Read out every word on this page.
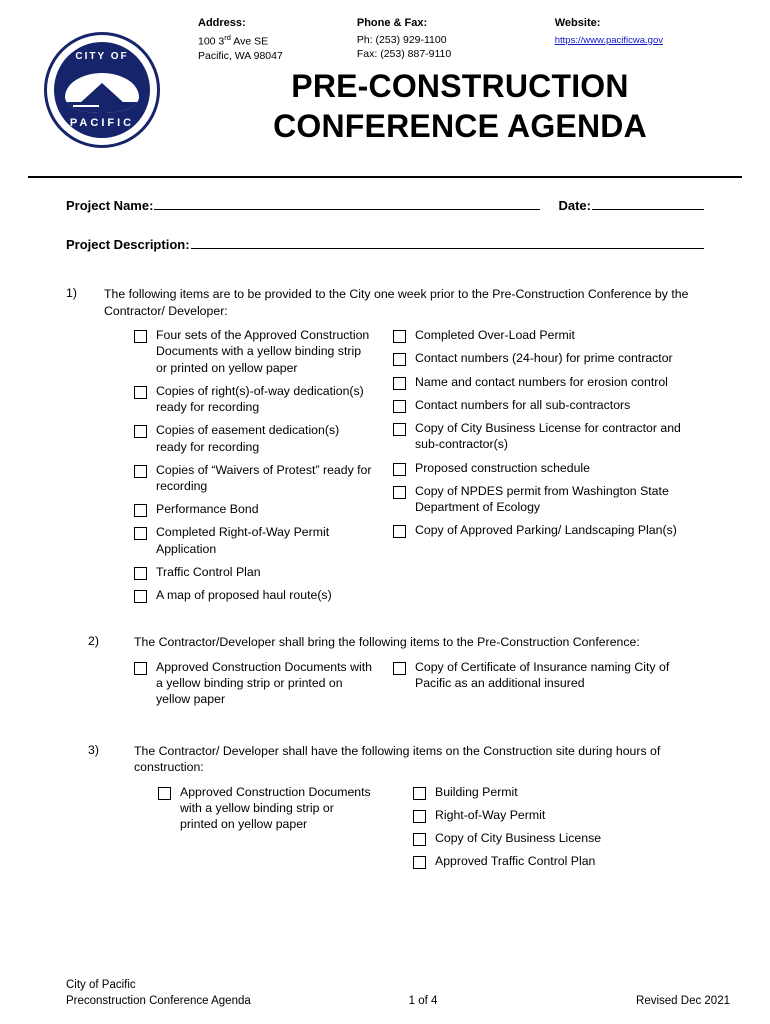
CITY OF
PACIFIC
Address:
100 3rd Ave SE
Pacific, WA 98047
Phone & Fax:
Ph: (253) 929-1100
Fax: (253) 887-9110
Website:
https://www.pacificwa.gov
PRE-CONSTRUCTION
CONFERENCE AGENDA
Project Name:	Date:
Project Description:
1)	The following items are to be provided to the City one week prior to the Pre-Construction Conference by the Contractor/ Developer:
Four sets of the Approved Construction Documents with a yellow binding strip or printed on yellow paper
Copies of right(s)-of-way dedication(s) ready for recording
Copies of easement dedication(s) ready for recording
Copies of “Waivers of Protest” ready for recording
Performance Bond
Completed Right-of-Way Permit Application
Traffic Control Plan
A map of proposed haul route(s)
Completed Over-Load Permit
Contact numbers (24-hour) for prime contractor
Name and contact numbers for erosion control
Contact numbers for all sub-contractors
Copy of City Business License for contractor and sub-contractor(s)
Proposed construction schedule
Copy of NPDES permit from Washington State Department of Ecology
Copy of Approved Parking/ Landscaping Plan(s)
2)	The Contractor/Developer shall bring the following items to the Pre-Construction Conference:
Approved Construction Documents with a yellow binding strip or printed on yellow paper
Copy of Certificate of Insurance naming City of Pacific as an additional insured
3)	The Contractor/ Developer shall have the following items on the Construction site during hours of construction:
Approved Construction Documents with a yellow binding strip or printed on yellow paper
Building Permit
Right-of-Way Permit
Copy of City Business License
Approved Traffic Control Plan
City of Pacific
Preconstruction Conference Agenda	1 of 4	Revised Dec 2021
